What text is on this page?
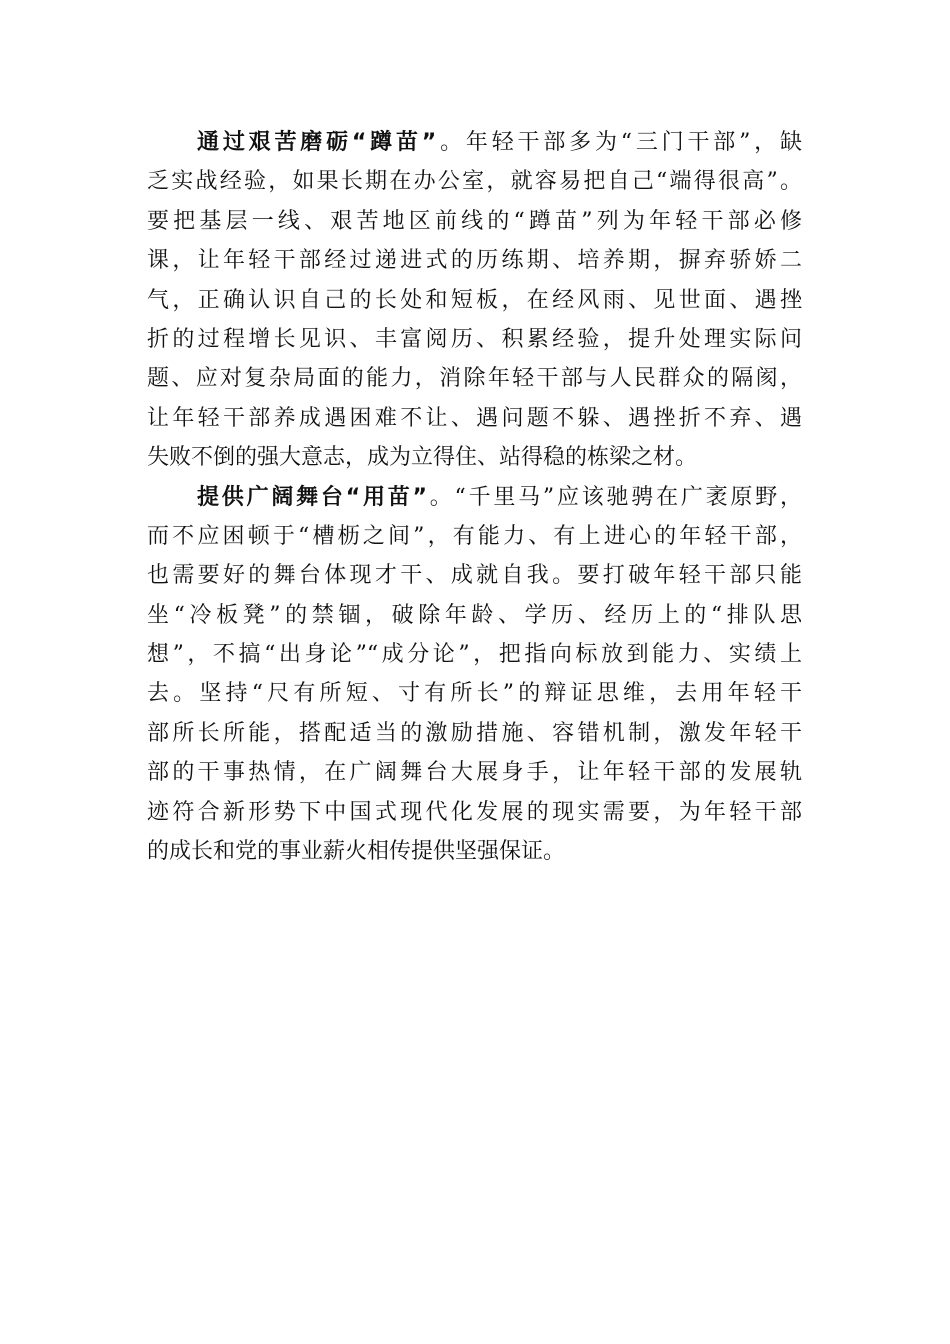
通过艰苦磨砺“蹲苗”。年轻干部多为“三门干部”，缺
乏实战经验，如果长期在办公室，就容易把自己“端得很高”。
要把基层一线、艰苦地区前线的“蹲苗”列为年轻干部必修
课，让年轻干部经过递进式的历练期、培养期，摒弃骄娇二
气，正确认识自己的长处和短板，在经风雨、见世面、遇挫
折的过程增长见识、丰富阅历、积累经验，提升处理实际问
题、应对复杂局面的能力，消除年轻干部与人民群众的隔阂，
让年轻干部养成遇困难不让、遇问题不躲、遇挫折不弃、遇
失败不倒的强大意志，成为立得住、站得稳的栋梁之材。
提供广阔舞台“用苗”。“千里马”应该驰骋在广袤原野，
而不应困顿于“槽枥之间”，有能力、有上进心的年轻干部，
也需要好的舞台体现才干、成就自我。要打破年轻干部只能
坐“冷板凳”的禁锢，破除年龄、学历、经历上的“排队思
想”，不搞“出身论”“成分论”，把指向标放到能力、实绩上
去。坚持“尺有所短、寸有所长”的辩证思维，去用年轻干
部所长所能，搭配适当的激励措施、容错机制，激发年轻干
部的干事热情，在广阔舞台大展身手，让年轻干部的发展轨
迹符合新形势下中国式现代化发展的现实需要，为年轻干部
的成长和党的事业薪火相传提供坚强保证。
